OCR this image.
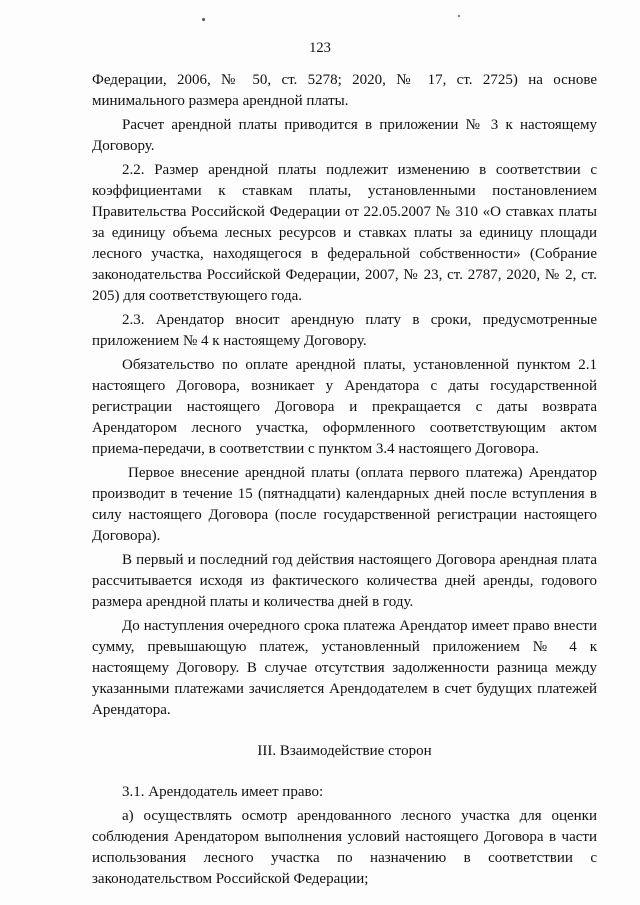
123

Федерации, 2006, № 50, ст. 5278; 2020, № 17, ст. 2725) на основе минимального размера арендной платы.

Расчет арендной платы приводится в приложении № 3 к настоящему Договору.

2.2. Размер арендной платы подлежит изменению в соответствии с коэффициентами к ставкам платы, установленными постановлением Правительства Российской Федерации от 22.05.2007 № 310 «О ставках платы за единицу объема лесных ресурсов и ставках платы за единицу площади лесного участка, находящегося в федеральной собственности» (Собрание законодательства Российской Федерации, 2007, № 23, ст. 2787, 2020, № 2, ст. 205) для соответствующего года.

2.3. Арендатор вносит арендную плату в сроки, предусмотренные приложением № 4 к настоящему Договору.

Обязательство по оплате арендной платы, установленной пунктом 2.1 настоящего Договора, возникает у Арендатора с даты государственной регистрации настоящего Договора и прекращается с даты возврата Арендатором лесного участка, оформленного соответствующим актом приема-передачи, в соответствии с пунктом 3.4 настоящего Договора.

Первое внесение арендной платы (оплата первого платежа) Арендатор производит в течение 15 (пятнадцати) календарных дней после вступления в силу настоящего Договора (после государственной регистрации настоящего Договора).

В первый и последний год действия настоящего Договора арендная плата рассчитывается исходя из фактического количества дней аренды, годового размера арендной платы и количества дней в году.

До наступления очередного срока платежа Арендатор имеет право внести сумму, превышающую платеж, установленный приложением № 4 к настоящему Договору. В случае отсутствия задолженности разница между указанными платежами зачисляется Арендодателем в счет будущих платежей Арендатора.

III. Взаимодействие сторон

3.1. Арендодатель имеет право:

а) осуществлять осмотр арендованного лесного участка для оценки соблюдения Арендатором выполнения условий настоящего Договора в части использования лесного участка по назначению в соответствии с законодательством Российской Федерации;
